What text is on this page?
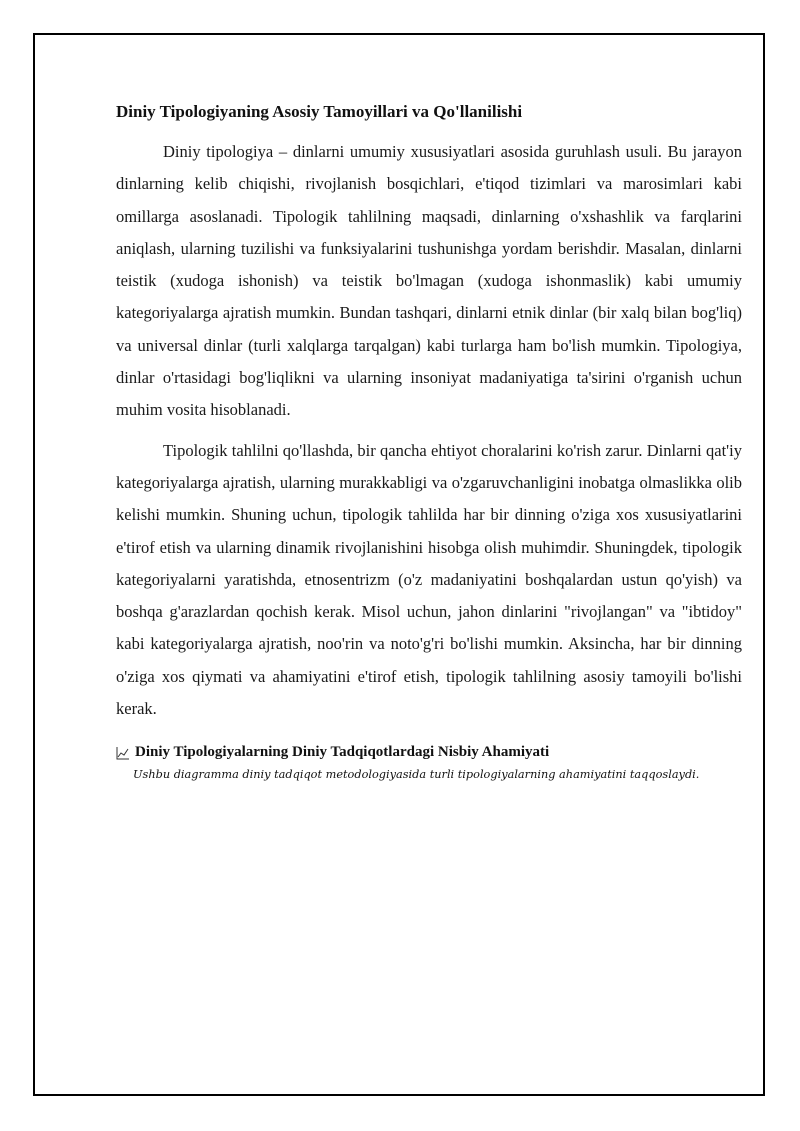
Diniy Tipologiyaning Asosiy Tamoyillari va Qo'llanilishi

Diniy tipologiya – dinlarni umumiy xususiyatlari asosida guruhlash usuli. Bu jarayon dinlarning kelib chiqishi, rivojlanish bosqichlari, e'tiqod tizimlari va marosimlari kabi omillarga asoslanadi. Tipologik tahlilning maqsadi, dinlarning o'xshashlik va farqlarini aniqlash, ularning tuzilishi va funksiyalarini tushunishga yordam berishdir. Masalan, dinlarni teistik (xudoga ishonish) va teistik bo'lmagan (xudoga ishonmaslik) kabi umumiy kategoriyalarga ajratish mumkin. Bundan tashqari, dinlarni etnik dinlar (bir xalq bilan bog'liq) va universal dinlar (turli xalqlarga tarqalgan) kabi turlarga ham bo'lish mumkin. Tipologiya, dinlar o'rtasidagi bog'liqlikni va ularning insoniyat madaniyatiga ta'sirini o'rganish uchun muhim vosita hisoblanadi.

Tipologik tahlilni qo'llashda, bir qancha ehtiyot choralarini ko'rish zarur. Dinlarni qat'iy kategoriyalarga ajratish, ularning murakkabligi va o'zgaruvchanligini inobatga olmaslikka olib kelishi mumkin. Shuning uchun, tipologik tahlilda har bir dinning o'ziga xos xususiyatlarini e'tirof etish va ularning dinamik rivojlanishini hisobga olish muhimdir. Shuningdek, tipologik kategoriyalarni yaratishda, etnosentrizm (o'z madaniyatini boshqalardan ustun qo'yish) va boshqa g'arazlardan qochish kerak. Misol uchun, jahon dinlarini "rivojlangan" va "ibtidoy" kabi kategoriyalarga ajratish, noo'rin va noto'g'ri bo'lishi mumkin. Aksincha, har bir dinning o'ziga xos qiymati va ahamiyatini e'tirof etish, tipologik tahlilning asosiy tamoyili bo'lishi kerak.

Diniy Tipologiyalarning Diniy Tadqiqotlardagi Nisbiy Ahamiyati
Ushbu diagramma diniy tadqiqot metodologiyasida turli tipologiyalarning ahamiyatini taqqoslaydi.
